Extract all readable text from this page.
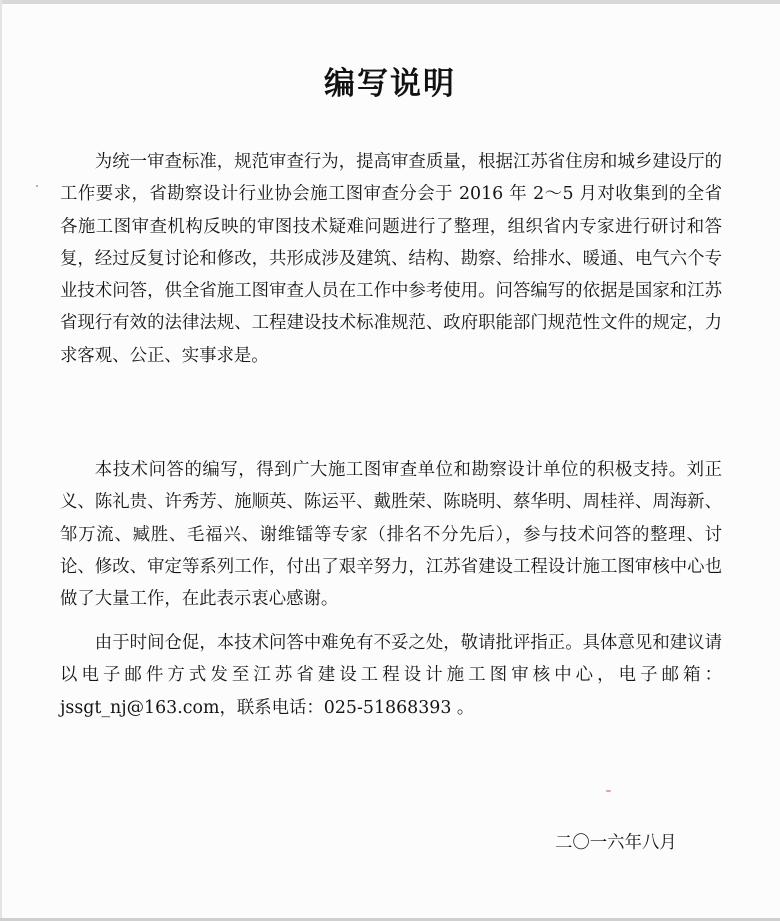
编写说明

为统一审查标准，规范审查行为，提高审查质量，根据江苏省住房和城乡建设厅的工作要求，省勘察设计行业协会施工图审查分会于 2016 年 2～5 月对收集到的全省各施工图审查机构反映的审图技术疑难问题进行了整理，组织省内专家进行研讨和答复，经过反复讨论和修改，共形成涉及建筑、结构、勘察、给排水、暖通、电气六个专业技术问答，供全省施工图审查人员在工作中参考使用。问答编写的依据是国家和江苏省现行有效的法律法规、工程建设技术标准规范、政府职能部门规范性文件的规定，力求客观、公正、实事求是。

本技术问答的编写，得到广大施工图审查单位和勘察设计单位的积极支持。刘正义、陈礼贵、许秀芳、施顺英、陈运平、戴胜荣、陈晓明、蔡华明、周桂祥、周海新、邹万流、臧胜、毛福兴、谢维镭等专家（排名不分先后），参与技术问答的整理、讨论、修改、审定等系列工作，付出了艰辛努力，江苏省建设工程设计施工图审核中心也做了大量工作，在此表示衷心感谢。

由于时间仓促，本技术问答中难免有不妥之处，敬请批评指正。具体意见和建议请以电子邮件方式发至江苏省建设工程设计施工图审核中心，电子邮箱：jssgt_nj@163.com，联系电话：025-51868393 。

二〇一六年八月
